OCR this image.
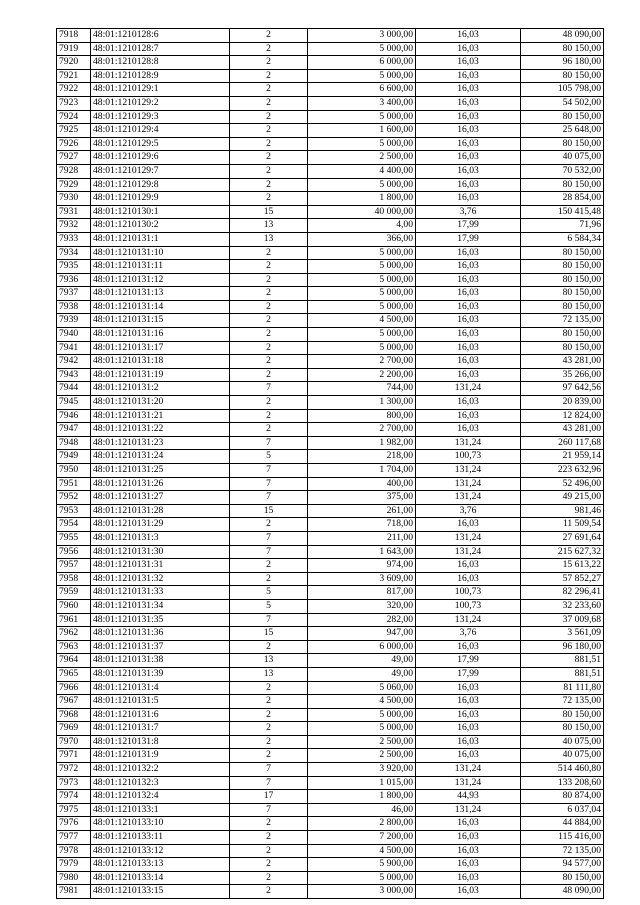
7918	48:01:1210128:6	2	3 000,00	16,03	48 090,00
7919	48:01:1210128:7	2	5 000,00	16,03	80 150,00
7920	48:01:1210128:8	2	6 000,00	16,03	96 180,00
7921	48:01:1210128:9	2	5 000,00	16,03	80 150,00
7922	48:01:1210129:1	2	6 600,00	16,03	105 798,00
7923	48:01:1210129:2	2	3 400,00	16,03	54 502,00
7924	48:01:1210129:3	2	5 000,00	16,03	80 150,00
7925	48:01:1210129:4	2	1 600,00	16,03	25 648,00
7926	48:01:1210129:5	2	5 000,00	16,03	80 150,00
7927	48:01:1210129:6	2	2 500,00	16,03	40 075,00
7928	48:01:1210129:7	2	4 400,00	16,03	70 532,00
7929	48:01:1210129:8	2	5 000,00	16,03	80 150,00
7930	48:01:1210129:9	2	1 800,00	16,03	28 854,00
7931	48:01:1210130:1	15	40 000,00	3,76	150 415,48
7932	48:01:1210130:2	13	4,00	17,99	71,96
7933	48:01:1210131:1	13	366,00	17,99	6 584,34
7934	48:01:1210131:10	2	5 000,00	16,03	80 150,00
7935	48:01:1210131:11	2	5 000,00	16,03	80 150,00
7936	48:01:1210131:12	2	5 000,00	16,03	80 150,00
7937	48:01:1210131:13	2	5 000,00	16,03	80 150,00
7938	48:01:1210131:14	2	5 000,00	16,03	80 150,00
7939	48:01:1210131:15	2	4 500,00	16,03	72 135,00
7940	48:01:1210131:16	2	5 000,00	16,03	80 150,00
7941	48:01:1210131:17	2	5 000,00	16,03	80 150,00
7942	48:01:1210131:18	2	2 700,00	16,03	43 281,00
7943	48:01:1210131:19	2	2 200,00	16,03	35 266,00
7944	48:01:1210131:2	7	744,00	131,24	97 642,56
7945	48:01:1210131:20	2	1 300,00	16,03	20 839,00
7946	48:01:1210131:21	2	800,00	16,03	12 824,00
7947	48:01:1210131:22	2	2 700,00	16,03	43 281,00
7948	48:01:1210131:23	7	1 982,00	131,24	260 117,68
7949	48:01:1210131:24	5	218,00	100,73	21 959,14
7950	48:01:1210131:25	7	1 704,00	131,24	223 632,96
7951	48:01:1210131:26	7	400,00	131,24	52 496,00
7952	48:01:1210131:27	7	375,00	131,24	49 215,00
7953	48:01:1210131:28	15	261,00	3,76	981,46
7954	48:01:1210131:29	2	718,00	16,03	11 509,54
7955	48:01:1210131:3	7	211,00	131,24	27 691,64
7956	48:01:1210131:30	7	1 643,00	131,24	215 627,32
7957	48:01:1210131:31	2	974,00	16,03	15 613,22
7958	48:01:1210131:32	2	3 609,00	16,03	57 852,27
7959	48:01:1210131:33	5	817,00	100,73	82 296,41
7960	48:01:1210131:34	5	320,00	100,73	32 233,60
7961	48:01:1210131:35	7	282,00	131,24	37 009,68
7962	48:01:1210131:36	15	947,00	3,76	3 561,09
7963	48:01:1210131:37	2	6 000,00	16,03	96 180,00
7964	48:01:1210131:38	13	49,00	17,99	881,51
7965	48:01:1210131:39	13	49,00	17,99	881,51
7966	48:01:1210131:4	2	5 060,00	16,03	81 111,80
7967	48:01:1210131:5	2	4 500,00	16,03	72 135,00
7968	48:01:1210131:6	2	5 000,00	16,03	80 150,00
7969	48:01:1210131:7	2	5 000,00	16,03	80 150,00
7970	48:01:1210131:8	2	2 500,00	16,03	40 075,00
7971	48:01:1210131:9	2	2 500,00	16,03	40 075,00
7972	48:01:1210132:2	7	3 920,00	131,24	514 460,80
7973	48:01:1210132:3	7	1 015,00	131,24	133 208,60
7974	48:01:1210132:4	17	1 800,00	44,93	80 874,00
7975	48:01:1210133:1	7	46,00	131,24	6 037,04
7976	48:01:1210133:10	2	2 800,00	16,03	44 884,00
7977	48:01:1210133:11	2	7 200,00	16,03	115 416,00
7978	48:01:1210133:12	2	4 500,00	16,03	72 135,00
7979	48:01:1210133:13	2	5 900,00	16,03	94 577,00
7980	48:01:1210133:14	2	5 000,00	16,03	80 150,00
7981	48:01:1210133:15	2	3 000,00	16,03	48 090,00
